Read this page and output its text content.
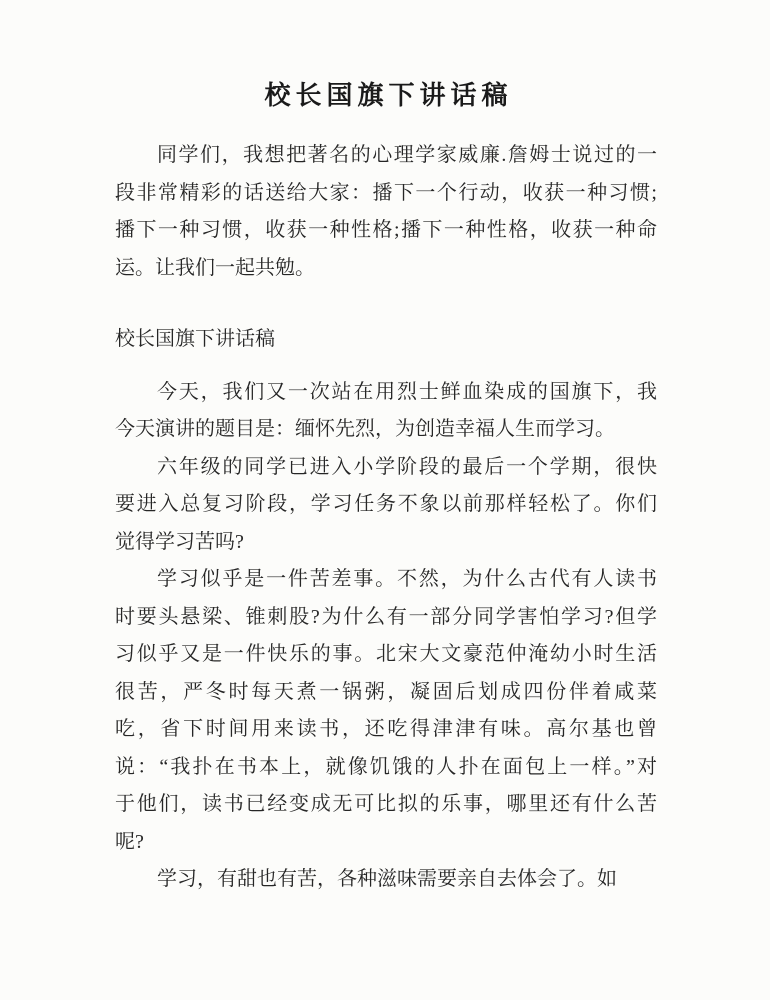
校长国旗下讲话稿
同学们，我想把著名的心理学家威廉.詹姆士说过的一
段非常精彩的话送给大家：播下一个行动，收获一种习惯;
播下一种习惯，收获一种性格;播下一种性格，收获一种命
运。让我们一起共勉。
校长国旗下讲话稿
今天，我们又一次站在用烈士鲜血染成的国旗下，我
今天演讲的题目是：缅怀先烈，为创造幸福人生而学习。
六年级的同学已进入小学阶段的最后一个学期，很快
要进入总复习阶段，学习任务不象以前那样轻松了。你们
觉得学习苦吗?
学习似乎是一件苦差事。不然，为什么古代有人读书
时要头悬梁、锥刺股?为什么有一部分同学害怕学习?但学
习似乎又是一件快乐的事。北宋大文豪范仲淹幼小时生活
很苦，严冬时每天煮一锅粥，凝固后划成四份伴着咸菜
吃，省下时间用来读书，还吃得津津有味。高尔基也曾
说：“我扑在书本上，就像饥饿的人扑在面包上一样。”对
于他们，读书已经变成无可比拟的乐事，哪里还有什么苦
呢?
学习，有甜也有苦，各种滋味需要亲自去体会了。如
